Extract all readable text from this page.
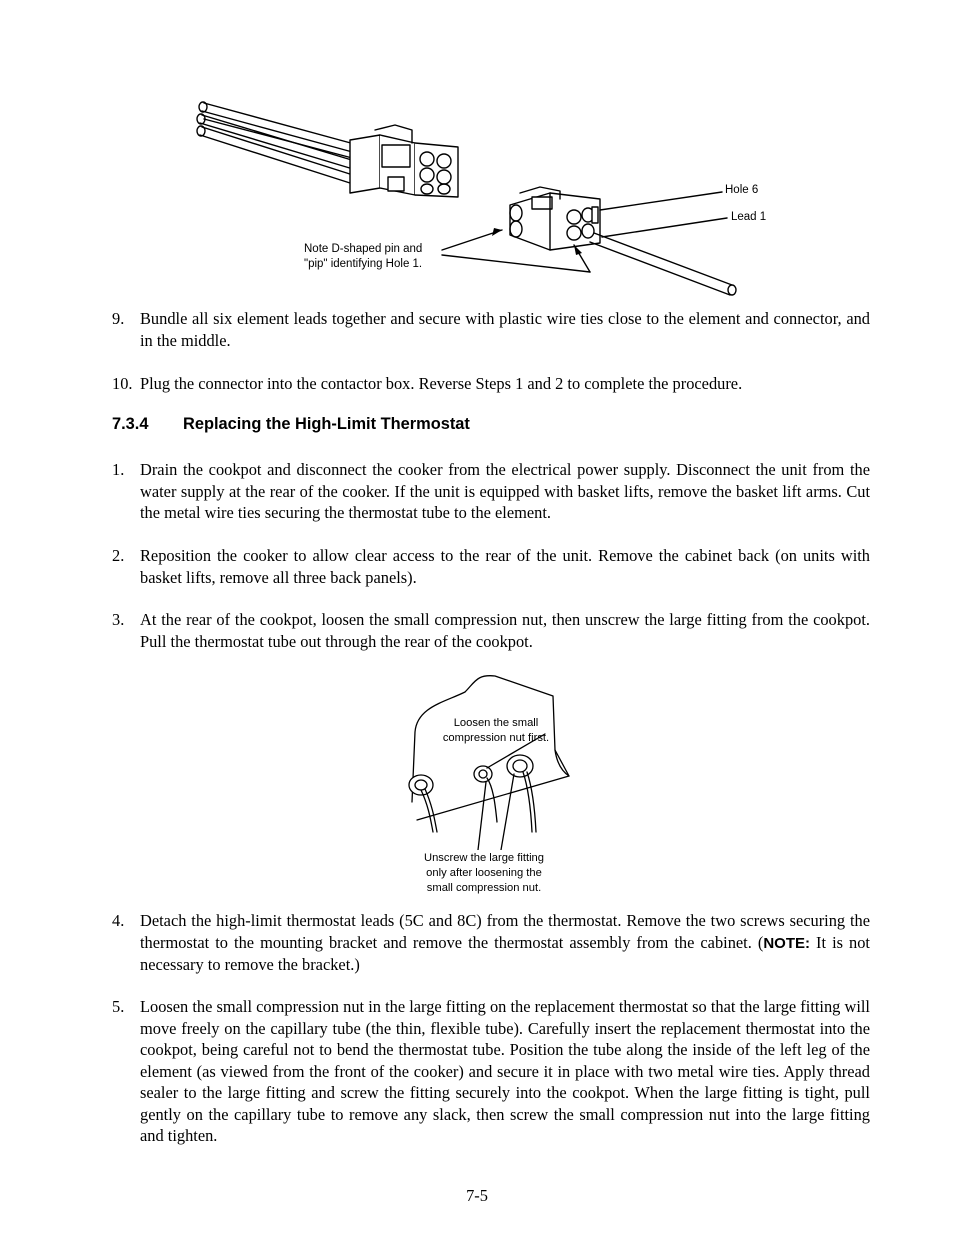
Hole 6
Lead 1
Note D-shaped pin and
"pip" identifying Hole 1.
9. Bundle all six element leads together and secure with plastic wire ties close to the element and connector, and in the middle.
10. Plug the connector into the contactor box. Reverse Steps 1 and 2 to complete the procedure.
7.3.4 Replacing the High-Limit Thermostat
1. Drain the cookpot and disconnect the cooker from the electrical power supply. Disconnect the unit from the water supply at the rear of the cooker. If the unit is equipped with basket lifts, remove the basket lift arms. Cut the metal wire ties securing the thermostat tube to the element.
2. Reposition the cooker to allow clear access to the rear of the unit. Remove the cabinet back (on units with basket lifts, remove all three back panels).
3. At the rear of the cookpot, loosen the small compression nut, then unscrew the large fitting from the cookpot. Pull the thermostat tube out through the rear of the cookpot.
Loosen the small
compression nut first.
Unscrew the large fitting
only after loosening the
small compression nut.
4. Detach the high-limit thermostat leads (5C and 8C) from the thermostat. Remove the two screws securing the thermostat to the mounting bracket and remove the thermostat assembly from the cabinet. (NOTE: It is not necessary to remove the bracket.)
5. Loosen the small compression nut in the large fitting on the replacement thermostat so that the large fitting will move freely on the capillary tube (the thin, flexible tube). Carefully insert the replacement thermostat into the cookpot, being careful not to bend the thermostat tube. Position the tube along the inside of the left leg of the element (as viewed from the front of the cooker) and secure it in place with two metal wire ties. Apply thread sealer to the large fitting and screw the fitting securely into the cookpot. When the large fitting is tight, pull gently on the capillary tube to remove any slack, then screw the small compression nut into the large fitting and tighten.
7-5
